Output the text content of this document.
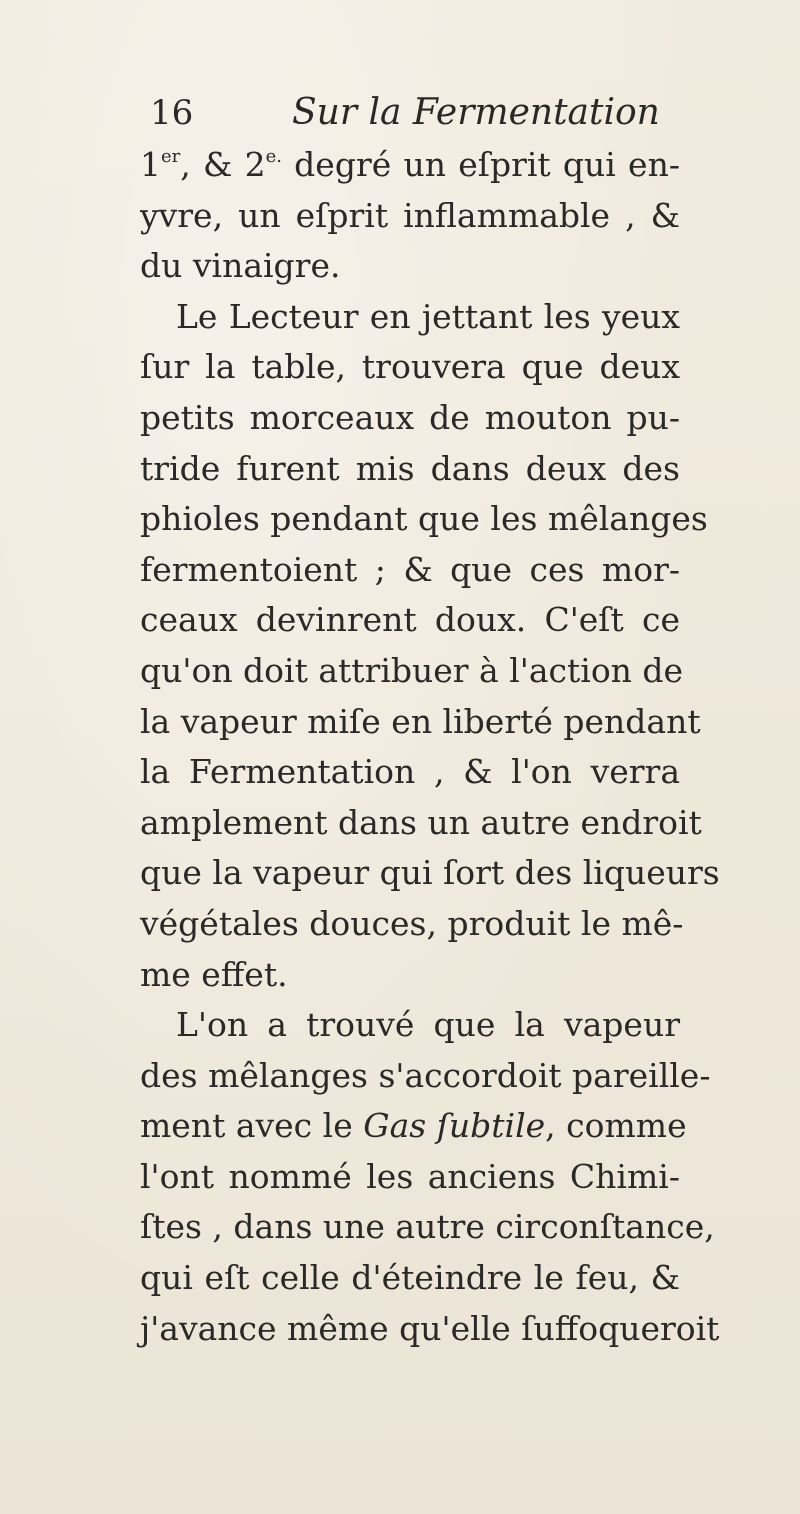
16	Sur la Fermentation
1er, & $2^{e.}$ degré un eſprit qui en-
yvre, un eſprit inflammable , &
du vinaigre.
Le Lecteur en jettant les yeux
ſur la table, trouvera que deux
petits morceaux de mouton pu-
tride furent mis dans deux des
phioles pendant que les mêlanges
fermentoient ; & que ces mor-
ceaux devinrent doux. C'eſt ce
qu'on doit attribuer à l'action de
la vapeur miſe en liberté pendant
la Fermentation , & l'on verra
amplement dans un autre endroit
que la vapeur qui ſort des liqueurs
végétales douces, produit le mê-
me effet.
L'on a trouvé que la vapeur
des mêlanges s'accordoit pareille-
ment avec le Gas ſubtile, comme
l'ont nommé les anciens Chimi-
ſtes , dans une autre circonſtance,
qui eſt celle d'éteindre le feu, &
j'avance même qu'elle ſuffoqueroit
